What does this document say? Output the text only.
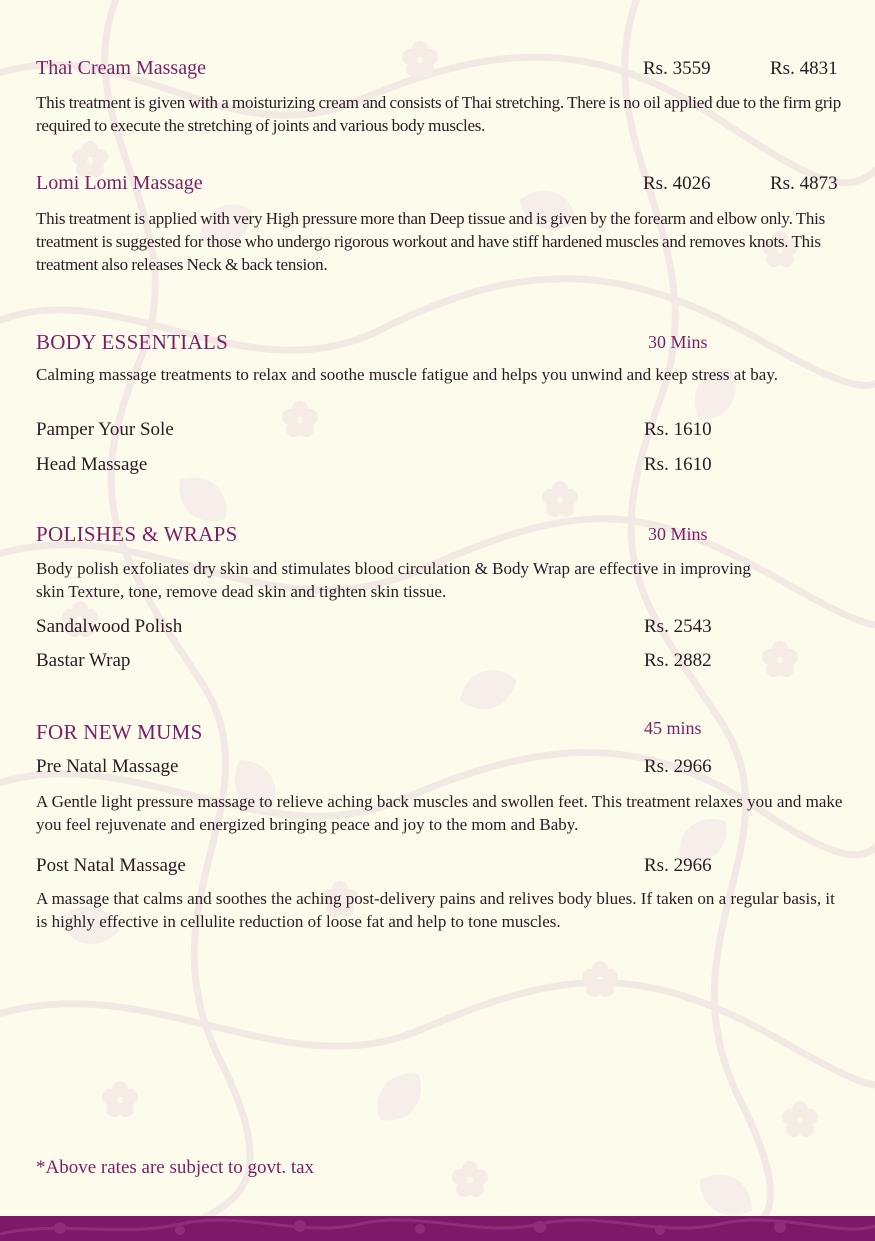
Thai Cream Massage	Rs. 3559	Rs. 4831
This treatment is given with a moisturizing cream and consists of Thai stretching. There is no oil applied due to the firm grip required to execute the stretching of joints and various body muscles.
Lomi Lomi Massage	Rs. 4026	Rs. 4873
This treatment is applied with very High pressure more than Deep tissue and is given by the forearm and elbow only. This treatment is suggested for those who undergo rigorous workout and have stiff hardened muscles and removes knots. This treatment also releases Neck & back tension.
BODY ESSENTIALS	30 Mins
Calming massage treatments to relax and soothe muscle fatigue and helps you unwind and keep stress at bay.
Pamper Your Sole	Rs. 1610
Head Massage	Rs. 1610
POLISHES & WRAPS	30 Mins
Body polish exfoliates dry skin and stimulates blood circulation & Body Wrap are effective in improving skin Texture, tone, remove dead skin and tighten skin tissue.
Sandalwood Polish	Rs. 2543
Bastar Wrap	Rs. 2882
FOR NEW MUMS	45 mins
Pre Natal Massage	Rs. 2966
A Gentle light pressure massage to relieve aching back muscles and swollen feet. This treatment relaxes you and make you feel rejuvenate and energized bringing peace and joy to the mom and Baby.
Post Natal Massage	Rs. 2966
A massage that calms and soothes the aching post-delivery pains and relives body blues. If taken on a regular basis, it is highly effective in cellulite reduction of loose fat and help to tone muscles.
*Above rates are subject to govt. tax
